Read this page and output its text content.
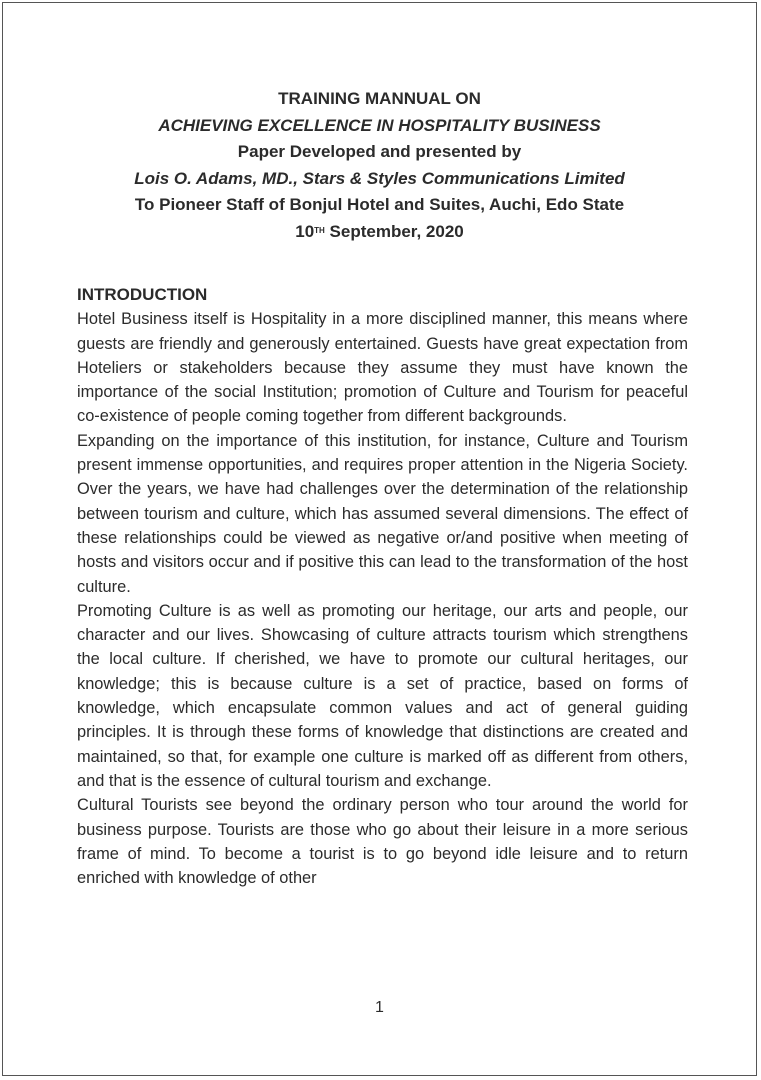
TRAINING MANNUAL ON
ACHIEVING EXCELLENCE IN HOSPITALITY BUSINESS
Paper Developed and presented by
Lois O. Adams, MD., Stars & Styles Communications Limited
To Pioneer Staff of Bonjul Hotel and Suites, Auchi, Edo State
10TH September, 2020

INTRODUCTION

Hotel Business itself is Hospitality in a more disciplined manner, this means where guests are friendly and generously entertained. Guests have great expectation from Hoteliers or stakeholders because they assume they must have known the importance of the social Institution; promotion of Culture and Tourism for peaceful co-existence of people coming together from different backgrounds.

Expanding on the importance of this institution, for instance, Culture and Tourism present immense opportunities, and requires proper attention in the Nigeria Society. Over the years, we have had challenges over the determination of the relationship between tourism and culture, which has assumed several dimensions. The effect of these relationships could be viewed as negative or/and positive when meeting of hosts and visitors occur and if positive this can lead to the transformation of the host culture.

Promoting Culture is as well as promoting our heritage, our arts and people, our character and our lives. Showcasing of culture attracts tourism which strengthens the local culture. If cherished, we have to promote our cultural heritages, our knowledge; this is because culture is a set of practice, based on forms of knowledge, which encapsulate common values and act of general guiding principles. It is through these forms of knowledge that distinctions are created and maintained, so that, for example one culture is marked off as different from others, and that is the essence of cultural tourism and exchange.

Cultural Tourists see beyond the ordinary person who tour around the world for business purpose. Tourists are those who go about their leisure in a more serious frame of mind. To become a tourist is to go beyond idle leisure and to return enriched with knowledge of other

1
